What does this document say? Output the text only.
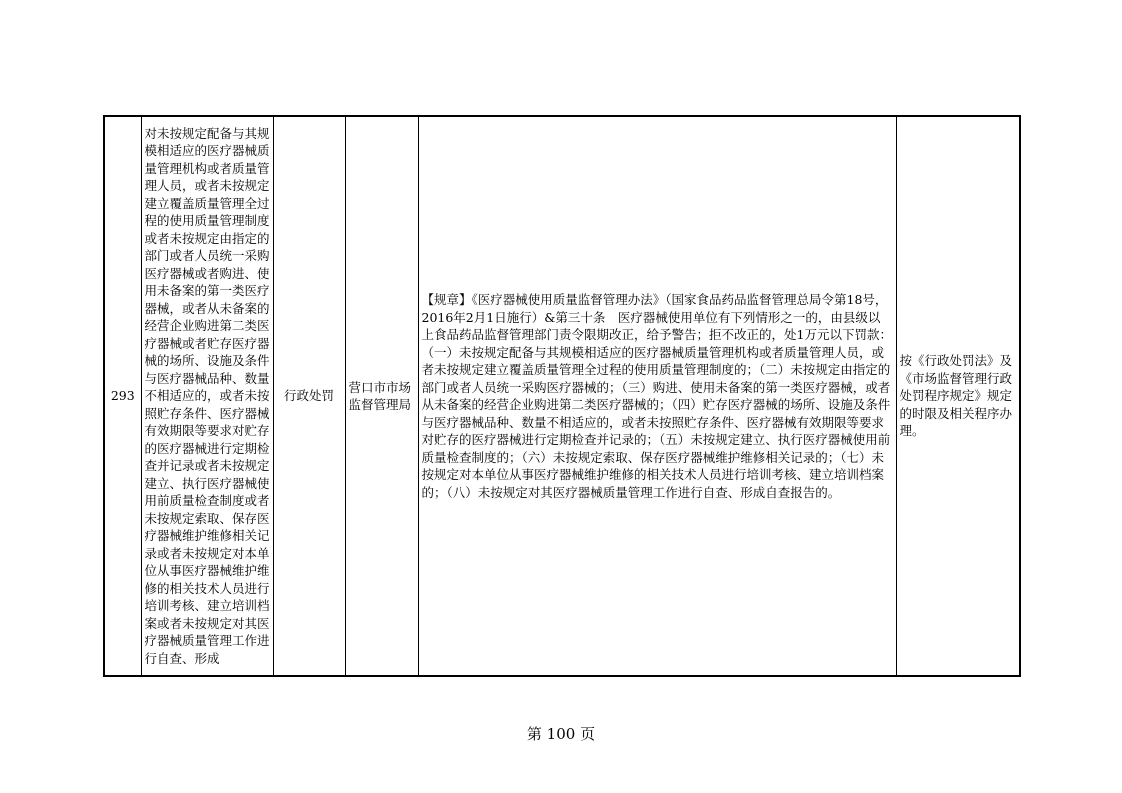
293	对未按规定配备与其规模相适应的医疗器械质量管理机构或者质量管理人员，或者未按规定建立覆盖质量管理全过程的使用质量管理制度或者未按规定由指定的部门或者人员统一采购医疗器械或者购进、使用未备案的第一类医疗器械，或者从未备案的经营企业购进第二类医疗器械或者贮存医疗器械的场所、设施及条件与医疗器械品种、数量不相适应的，或者未按照贮存条件、医疗器械有效期限等要求对贮存的医疗器械进行定期检查并记录或者未按规定建立、执行医疗器械使用前质量检查制度或者未按规定索取、保存医疗器械维护维修相关记录或者未按规定对本单位从事医疗器械维护维修的相关技术人员进行培训考核、建立培训档案或者未按规定对其医疗器械质量管理工作进行自查、形成	行政处罚	营口市市场监督管理局	【规章】《医疗器械使用质量监督管理办法》（国家食品药品监督管理总局令第18号，2016年2月1日施行）&第三十条　医疗器械使用单位有下列情形之一的，由县级以上食品药品监督管理部门责令限期改正，给予警告；拒不改正的，处1万元以下罚款：（一）未按规定配备与其规模相适应的医疗器械质量管理机构或者质量管理人员，或者未按规定建立覆盖质量管理全过程的使用质量管理制度的；（二）未按规定由指定的部门或者人员统一采购医疗器械的；（三）购进、使用未备案的第一类医疗器械，或者从未备案的经营企业购进第二类医疗器械的；（四）贮存医疗器械的场所、设施及条件与医疗器械品种、数量不相适应的，或者未按照贮存条件、医疗器械有效期限等要求对贮存的医疗器械进行定期检查并记录的；（五）未按规定建立、执行医疗器械使用前质量检查制度的；（六）未按规定索取、保存医疗器械维护维修相关记录的；（七）未按规定对本单位从事医疗器械维护维修的相关技术人员进行培训考核、建立培训档案的；（八）未按规定对其医疗器械质量管理工作进行自查、形成自查报告的。	按《行政处罚法》及《市场监督管理行政处罚程序规定》规定的时限及相关程序办理。
第 100 页
